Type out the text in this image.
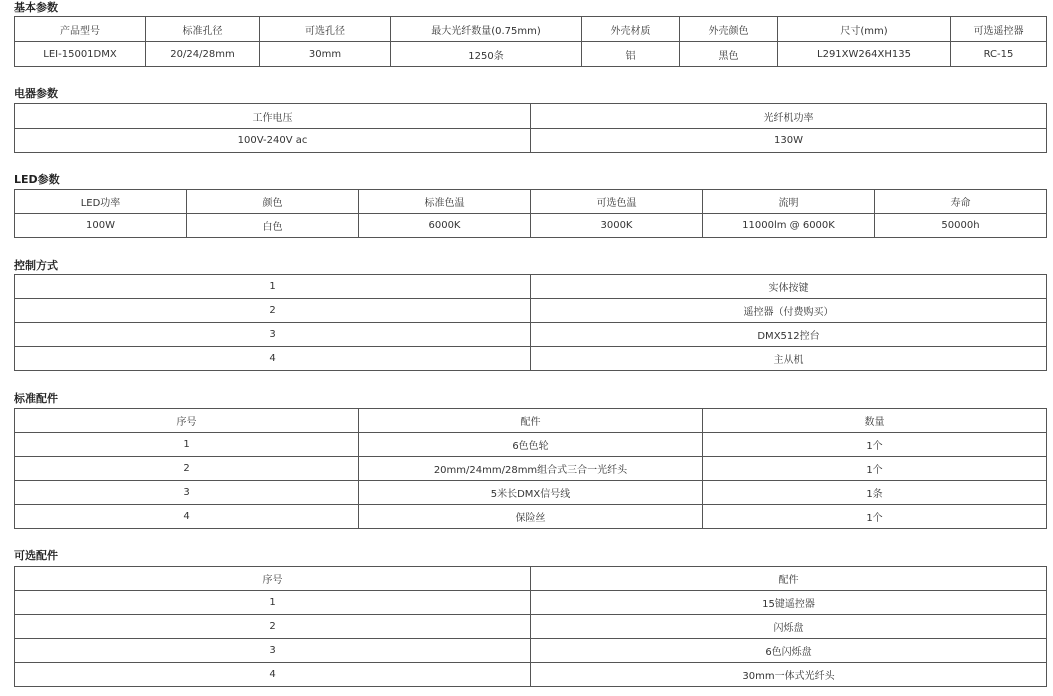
基本参数
产品型号	标准孔径	可选孔径	最大光纤数量(0.75mm)	外壳材质	外壳颜色	尺寸(mm)	可选遥控器
LEI-15001DMX	20/24/28mm	30mm	1250条	铝	黑色	L291XW264XH135	RC-15
电器参数
工作电压	光纤机功率
100V-240V ac	130W
LED参数
LED功率	颜色	标准色温	可选色温	流明	寿命
100W	白色	6000K	3000K	11000lm @ 6000K	50000h
控制方式
1	实体按键
2	遥控器（付费购买）
3	DMX512控台
4	主从机
标准配件
序号	配件	数量
1	6色色轮	1个
2	20mm/24mm/28mm组合式三合一光纤头	1个
3	5米长DMX信号线	1条
4	保险丝	1个
可选配件
序号	配件
1	15键遥控器
2	闪烁盘
3	6色闪烁盘
4	30mm一体式光纤头
